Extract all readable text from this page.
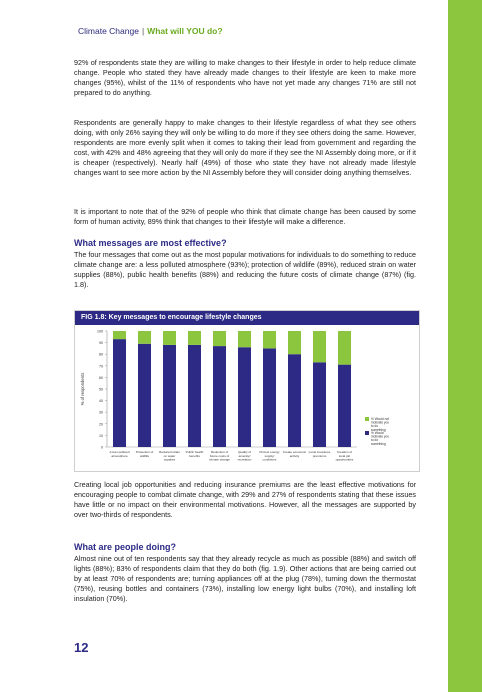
Climate Change | What will YOU do?

92% of respondents state they are willing to make changes to their lifestyle in order to help reduce climate change. People who stated they have already made changes to their lifestyle are keen to make more changes (95%), whilst of the 11% of respondents who have not yet made any changes 71% are still not prepared to do anything.

Respondents are generally happy to make changes to their lifestyle regardless of what they see others doing, with only 26% saying they will only be willing to do more if they see others doing the same. However, respondents are more evenly split when it comes to taking their lead from government and regarding the cost, with 42% and 48% agreeing that they will only do more if they see the NI Assembly doing more, or if it is cheaper (respectively). Nearly half (49%) of those who state they have not already made lifestyle changes want to see more action by the NI Assembly before they will consider doing anything themselves.

It is important to note that of the 92% of people who think that climate change has been caused by some form of human activity, 89% think that changes to their lifestyle will make a difference.

What messages are most effective?

The four messages that come out as the most popular motivations for individuals to do something to reduce climate change are: a less polluted atmosphere (93%); protection of wildlife (89%), reduced strain on water supplies (88%), public health benefits (88%) and reducing the future costs of climate change (87%) (fig. 1.8).

FIG 1.8: Key messages to encourage lifestyle changes
0
10
20
30
40
50
60
70
80
90
100
% of respondents
A less polluted atmosphere
Protection of wildlife
Reduced strain on water supplies
Public health benefits
Reduction of future costs of climate change
Quality of amenity/ recreation
Protect energy supply/ conditions
Create economic activity
Local insurance premiums
Creation of local job opportunities
% Would not motivate you to do something
% Would motivate you to do something

Creating local job opportunities and reducing insurance premiums are the least effective motivations for encouraging people to combat climate change, with 29% and 27% of respondents stating that these issues have little or no impact on their environmental motivations. However, all the messages are supported by over two-thirds of respondents.

What are people doing?

Almost nine out of ten respondents say that they already recycle as much as possible (88%) and switch off lights (88%); 83% of respondents claim that they do both (fig. 1.9). Other actions that are being carried out by at least 70% of respondents are; turning appliances off at the plug (78%), turning down the thermostat (75%), reusing bottles and containers (73%), installing low energy light bulbs (70%), and installing loft insulation (70%).

12
